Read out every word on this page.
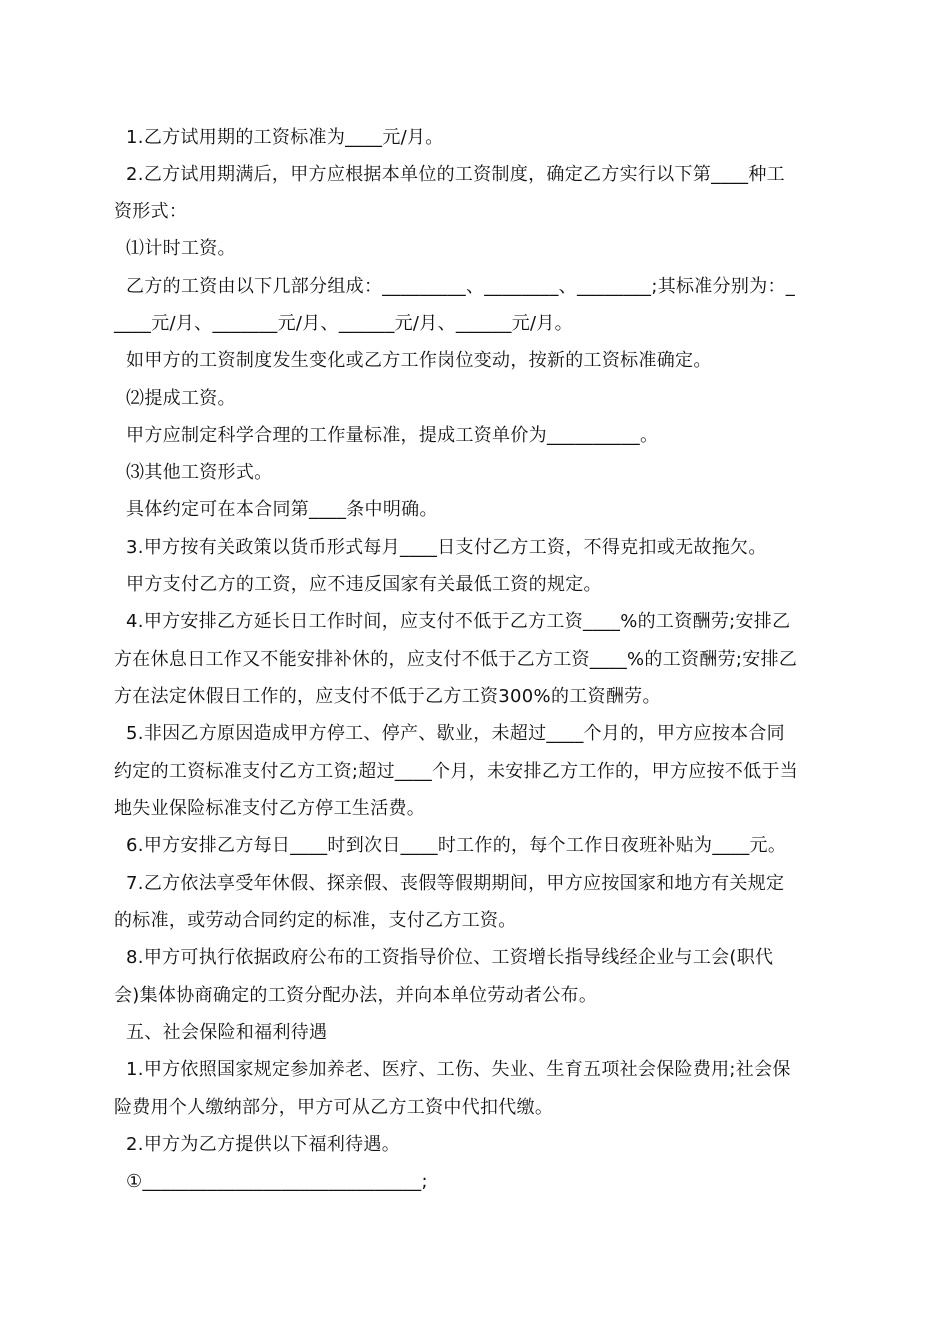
1.乙方试用期的工资标准为____元/月。
2.乙方试用期满后，甲方应根据本单位的工资制度，确定乙方实行以下第____种工
资形式：
⑴计时工资。
乙方的工资由以下几部分组成：_________、________、________;其标准分别为：_
____元/月、_______元/月、______元/月、______元/月。
如甲方的工资制度发生变化或乙方工作岗位变动，按新的工资标准确定。
⑵提成工资。
甲方应制定科学合理的工作量标准，提成工资单价为__________。
⑶其他工资形式。
具体约定可在本合同第____条中明确。
3.甲方按有关政策以货币形式每月____日支付乙方工资，不得克扣或无故拖欠。
甲方支付乙方的工资，应不违反国家有关最低工资的规定。
4.甲方安排乙方延长日工作时间，应支付不低于乙方工资____%的工资酬劳;安排乙
方在休息日工作又不能安排补休的，应支付不低于乙方工资____%的工资酬劳;安排乙
方在法定休假日工作的，应支付不低于乙方工资300%的工资酬劳。
5.非因乙方原因造成甲方停工、停产、歇业，未超过____个月的，甲方应按本合同
约定的工资标准支付乙方工资;超过____个月，未安排乙方工作的，甲方应按不低于当
地失业保险标准支付乙方停工生活费。
6.甲方安排乙方每日____时到次日____时工作的，每个工作日夜班补贴为____元。
7.乙方依法享受年休假、探亲假、丧假等假期期间，甲方应按国家和地方有关规定
的标准，或劳动合同约定的标准，支付乙方工资。
8.甲方可执行依据政府公布的工资指导价位、工资增长指导线经企业与工会(职代
会)集体协商确定的工资分配办法，并向本单位劳动者公布。
五、社会保险和福利待遇
1.甲方依照国家规定参加养老、医疗、工伤、失业、生育五项社会保险费用;社会保
险费用个人缴纳部分，甲方可从乙方工资中代扣代缴。
2.甲方为乙方提供以下福利待遇。
①______________________________;
